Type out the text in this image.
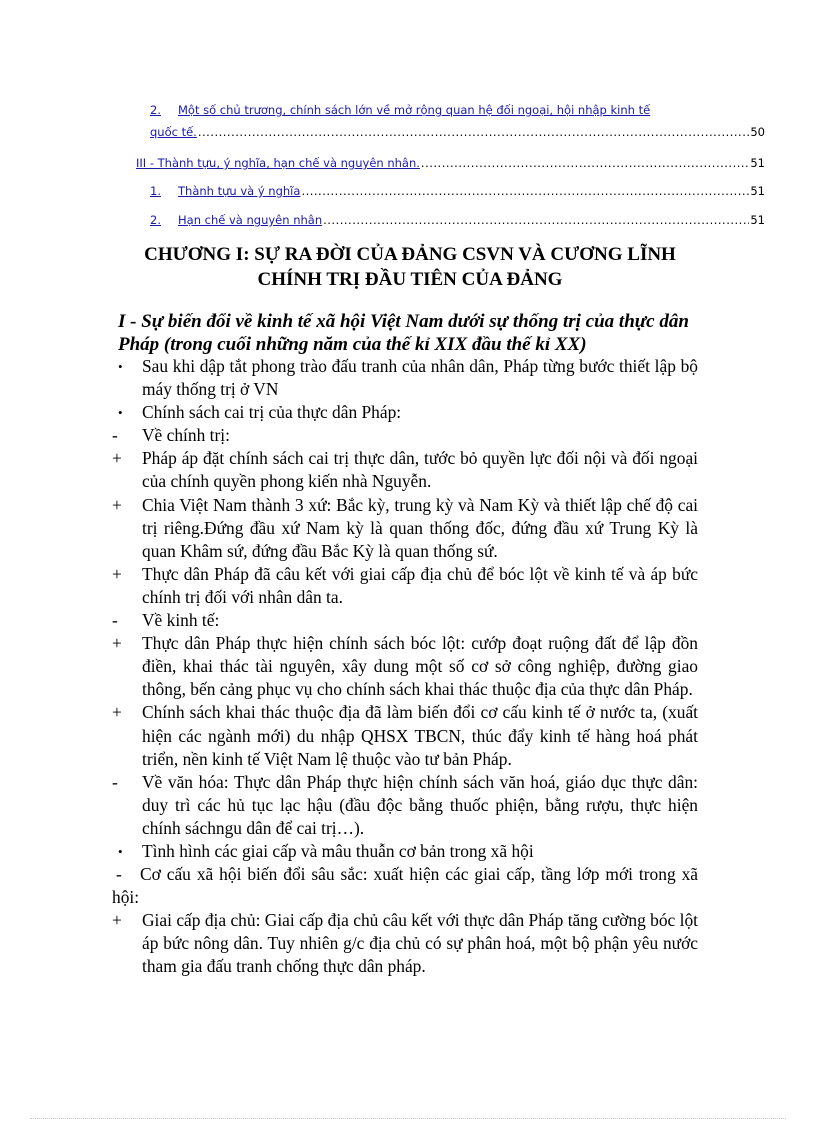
2.	Một số chủ trương, chính sách lớn về mở rộng quan hệ đối ngoại, hội nhập kinh tế
quốc tế. .....	50
III - Thành tựu, ý nghĩa, hạn chế và nguyên nhân. .....	51
1.	Thành tựu và ý nghĩa .....	51
2.	Hạn chế và nguyên nhân .....	51
CHƯƠNG I: SỰ RA ĐỜI CỦA ĐẢNG CSVN VÀ CƯƠNG LĨNH
CHÍNH TRỊ ĐẦU TIÊN CỦA ĐẢNG
I - Sự biến đổi về kinh tế xã hội Việt Nam dưới sự thống trị của thực dân Pháp (trong cuối những năm của thế kỉ XIX đầu thế kỉ XX)
•	Sau khi dập tắt phong trào đấu tranh của nhân dân, Pháp từng bước thiết lập bộ máy thống trị ở VN
•	Chính sách cai trị của thực dân Pháp:
-	Về chính trị:
+	Pháp áp đặt chính sách cai trị thực dân, tước bỏ quyền lực đối nội và đối ngoại của chính quyền phong kiến nhà Nguyễn.
+	Chia Việt Nam thành 3 xứ: Bắc kỳ, trung kỳ và Nam Kỳ và thiết lập chế độ cai trị riêng.Đứng đầu xứ Nam kỳ là quan thống đốc, đứng đầu xứ Trung Kỳ là quan Khâm sứ, đứng đầu Bắc Kỳ là quan thống sứ.
+	Thực dân Pháp đã câu kết với giai cấp địa chủ để bóc lột về kinh tế và áp bức chính trị đối với nhân dân ta.
-	Về kinh tế:
+	Thực dân Pháp thực hiện chính sách bóc lột: cướp đoạt ruộng đất để lập đồn điền, khai thác tài nguyên, xây dung một số cơ sở công nghiệp, đường giao thông, bến cảng phục vụ cho chính sách khai thác thuộc địa của thực dân Pháp.
+	Chính sách khai thác thuộc địa đã làm biến đổi cơ cấu kinh tế ở nước ta, (xuất hiện các ngành mới) du nhập QHSX TBCN, thúc đẩy kinh tế hàng hoá phát triển, nền kinh tế Việt Nam lệ thuộc vào tư bản Pháp.
-	Về văn hóa: Thực dân Pháp thực hiện chính sách văn hoá, giáo dục thực dân: duy trì các hủ tục lạc hậu (đầu độc bằng thuốc phiện, bằng rượu, thực hiện chính sáchngu dân để cai trị…).
•	Tình hình các giai cấp và mâu thuẫn cơ bản trong xã hội
- Cơ cấu xã hội biến đổi sâu sắc: xuất hiện các giai cấp, tầng lớp mới trong xã hội:
+	Giai cấp địa chủ: Giai cấp địa chủ câu kết với thực dân Pháp tăng cường bóc lột áp bức nông dân. Tuy nhiên g/c địa chủ có sự phân hoá, một bộ phận yêu nước tham gia đấu tranh chống thực dân pháp.
